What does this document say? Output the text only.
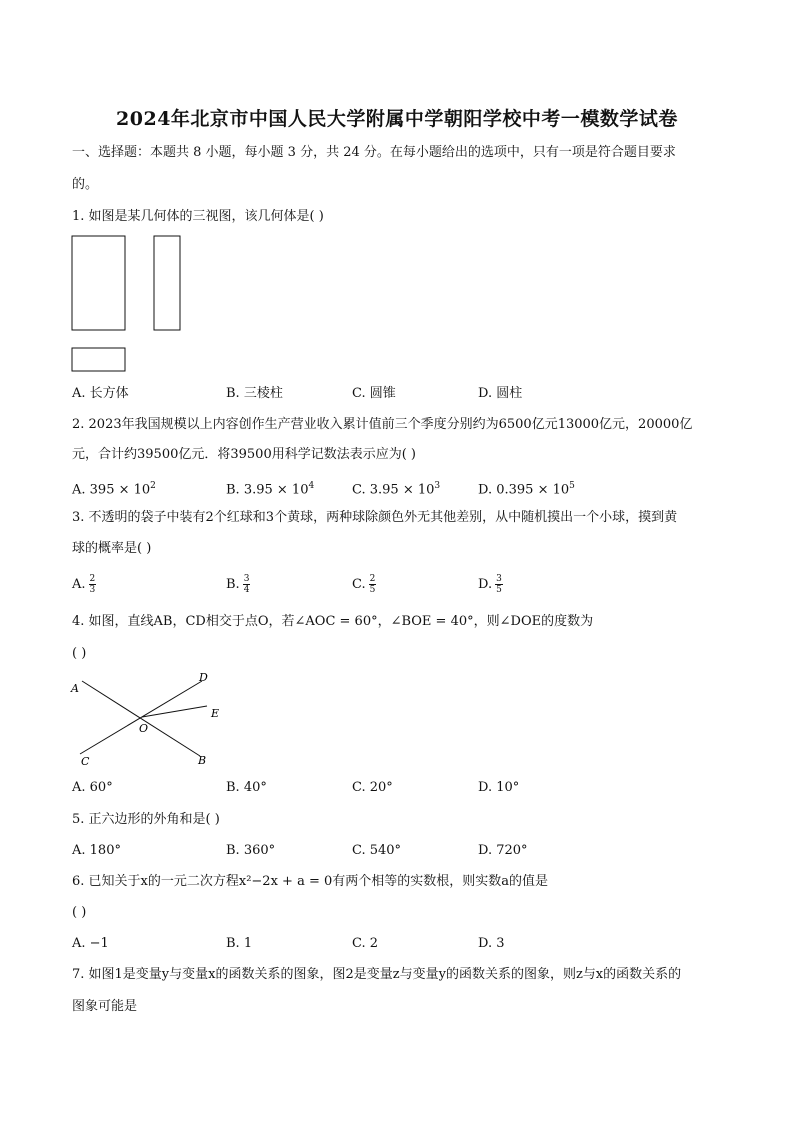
2024年北京市中国人民大学附属中学朝阳学校中考一模数学试卷
一、选择题：本题共 8 小题，每小题 3 分，共 24 分。在每小题给出的选项中，只有一项是符合题目要求
的。
1. 如图是某几何体的三视图，该几何体是( )
A. 长方体	B. 三棱柱	C. 圆锥	D. 圆柱
2. 2023年我国规模以上内容创作生产营业收入累计值前三个季度分别约为6500亿元13000亿元，20000亿
元，合计约39500亿元．将39500用科学记数法表示应为( )
A. $395 \times 10^2$	B. $3.95 \times 10^4$	C. $3.95 \times 10^3$	D. $0.395 \times 10^5$
3. 不透明的袋子中装有2个红球和3个黄球，两种球除颜色外无其他差别，从中随机摸出一个小球，摸到黄
球的概率是( )
A. $\frac{2}{3}$	B. $\frac{3}{4}$	C. $\frac{2}{5}$	D. $\frac{3}{5}$
4. 如图，直线AB，CD相交于点O，若∠AOC = 60°，∠BOE = 40°，则∠DOE的度数为
( )
A
B
C
D
E
O
A. 60°	B. 40°	C. 20°	D. 10°
5. 正六边形的外角和是( )
A. 180°	B. 360°	C. 540°	D. 720°
6. 已知关于x的一元二次方程x²−2x + a = 0有两个相等的实数根，则实数a的值是
( )
A. −1	B. 1	C. 2	D. 3
7. 如图1是变量y与变量x的函数关系的图象，图2是变量z与变量y的函数关系的图象，则z与x的函数关系的
图象可能是
